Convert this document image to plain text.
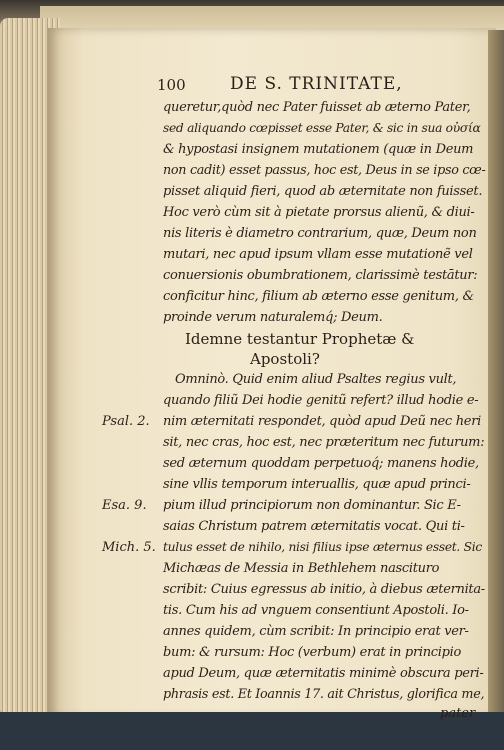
100	DE S. TRINITATE,
queretur,quòd nec Pater fuisset ab æterno Pater,
sed aliquando cœpisset esse Pater, & sic in sua οὐσία
& hypostasi insignem mutationem (quæ in Deum
non cadit) esset passus, hoc est, Deus in se ipso cœ-
pisset aliquid fieri, quod ab æternitate non fuisset.
Hoc verò cùm sit à pietate prorsus alienũ, & diui-
nis literis è diametro contrarium, quæ, Deum non
mutari, nec apud ipsum vllam esse mutationẽ vel
conuersionis obumbrationem, clarissimè testātur:
conficitur hinc, filium ab æterno esse genitum, &
proinde verum naturalemq́; Deum.
Idemne testantur Prophetæ &
Apostoli?
Omninò. Quid enim aliud Psaltes regius vult,
quando filiũ Dei hodie genitũ refert? illud hodie e-
nim æternitati respondet, quòd apud Deũ nec heri
sit, nec cras, hoc est, nec præteritum nec futurum:
sed æternum quoddam perpetuoq́; manens hodie,
sine vllis temporum interuallis, quæ apud princi-
pium illud principiorum non dominantur. Sic E-
saias Christum patrem æternitatis vocat. Qui ti-
tulus esset de nihilo, nisi filius ipse æternus esset. Sic
Michæas de Messia in Bethlehem nascituro
scribit: Cuius egressus ab initio, à diebus æternita-
tis. Cum his ad vnguem consentiunt Apostoli. Io-
annes quidem, cùm scribit: In principio erat ver-
bum: & rursum: Hoc (verbum) erat in principio
apud Deum, quæ æternitatis minimè obscura peri-
phrasis est. Et Ioannis 17. ait Christus, glorifica me,
Psal. 2.
Esa. 9.
Mich. 5.
pater
